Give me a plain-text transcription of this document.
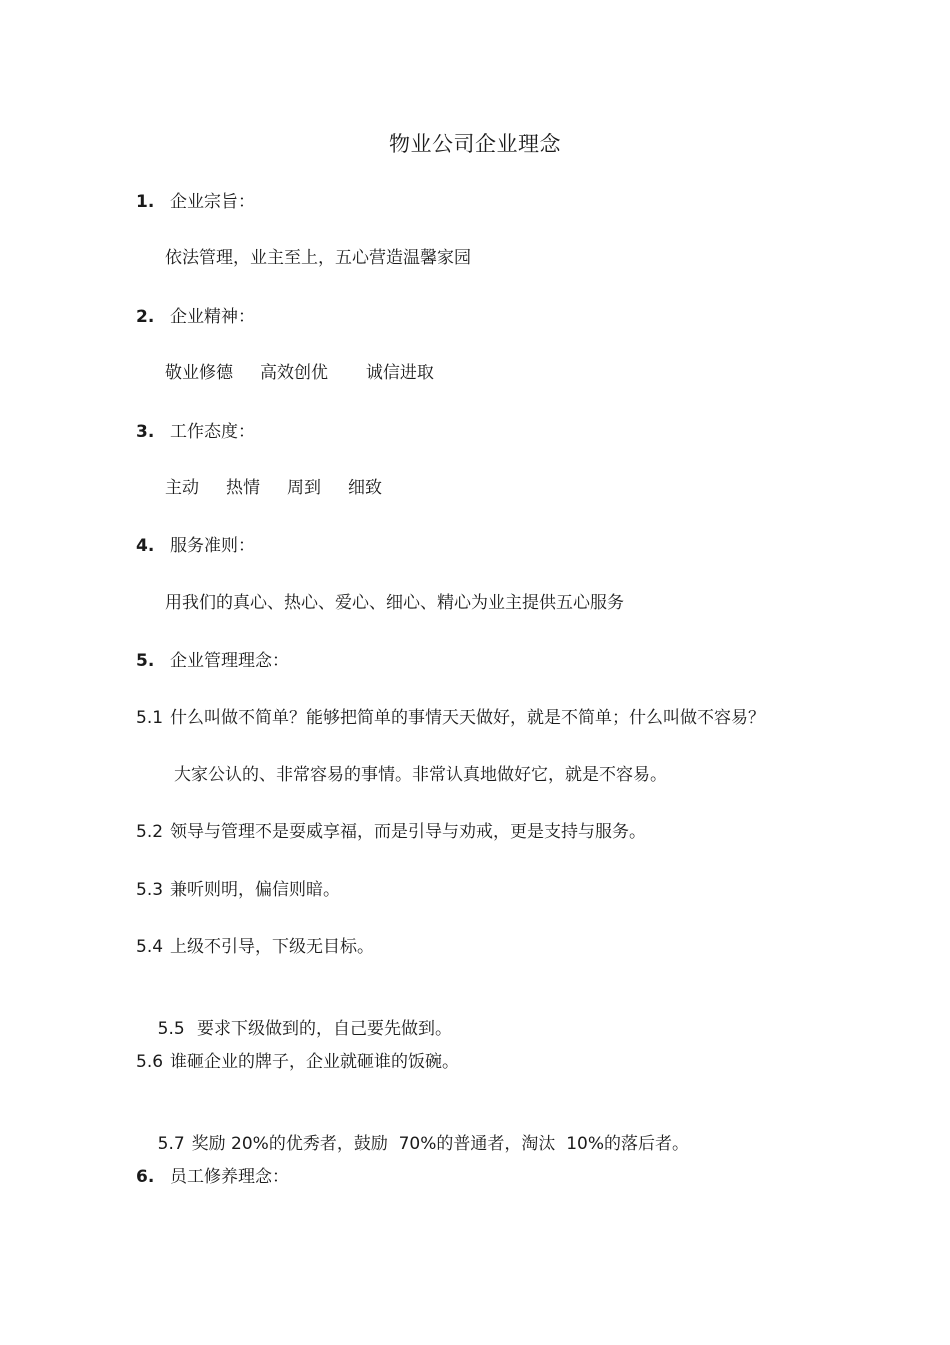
物业公司企业理念
1. 企业宗旨：
依法管理，业主至上，五心营造温馨家园
2. 企业精神：
敬业修德     高效创优       诚信进取
3. 工作态度：
主动     热情     周到     细致
4. 服务准则：
用我们的真心、热心、爱心、细心、精心为业主提供五心服务
5. 企业管理理念：
5.1 什么叫做不简单？能够把简单的事情天天做好，就是不简单；什么叫做不容易？
大家公认的、非常容易的事情。非常认真地做好它，就是不容易。
5.2 领导与管理不是耍威享福，而是引导与劝戒，更是支持与服务。
5.3 兼听则明，偏信则暗。
5.4 上级不引导，下级无目标。

5.5 要求下级做到的，自己要先做到。

5.6 谁砸企业的牌子，企业就砸谁的饭碗。

5.7 奖励 20%的优秀者，鼓励  70%的普通者，淘汰  10%的落后者。

6. 员工修养理念：
